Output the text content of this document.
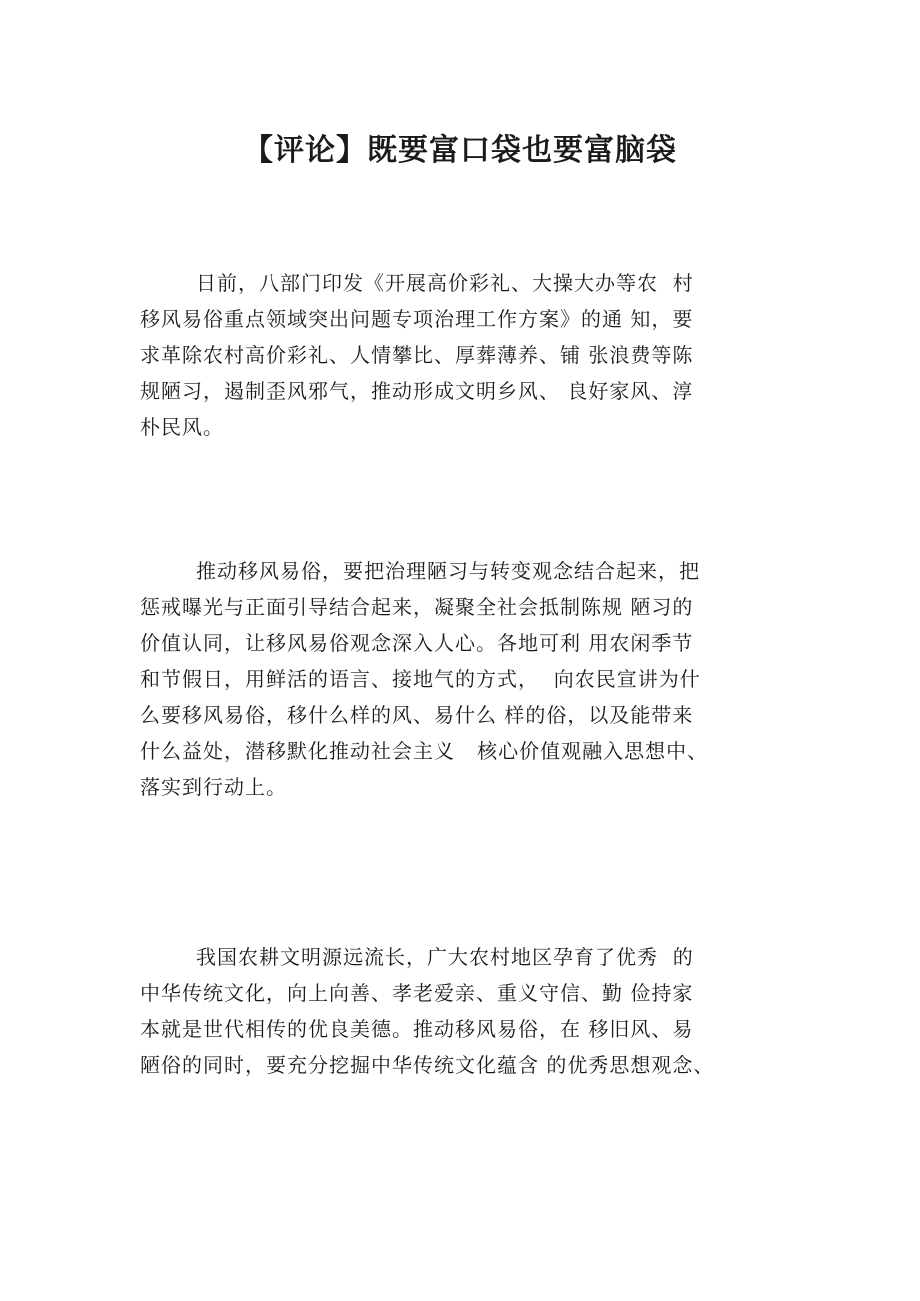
【评论】既要富口袋也要富脑袋
日前，八部门印发《开展高价彩礼、大操大办等农  村
移风易俗重点领域突出问题专项治理工作方案》的通 知，要
求革除农村高价彩礼、人情攀比、厚葬薄养、铺 张浪费等陈
规陋习，遏制歪风邪气，推动形成文明乡风、 良好家风、淳
朴民风。
推动移风易俗，要把治理陋习与转变观念结合起来，把
惩戒曝光与正面引导结合起来，凝聚全社会抵制陈规 陋习的
价值认同，让移风易俗观念深入人心。各地可利 用农闲季节
和节假日，用鲜活的语言、接地气的方式，  向农民宣讲为什
么要移风易俗，移什么样的风、易什么 样的俗，以及能带来
什么益处，潜移默化推动社会主义   核心价值观融入思想中、
落实到行动上。
我国农耕文明源远流长，广大农村地区孕育了优秀  的
中华传统文化，向上向善、孝老爱亲、重义守信、勤 俭持家
本就是世代相传的优良美德。推动移风易俗，在 移旧风、易
陋俗的同时，要充分挖掘中华传统文化蕴含 的优秀思想观念、
